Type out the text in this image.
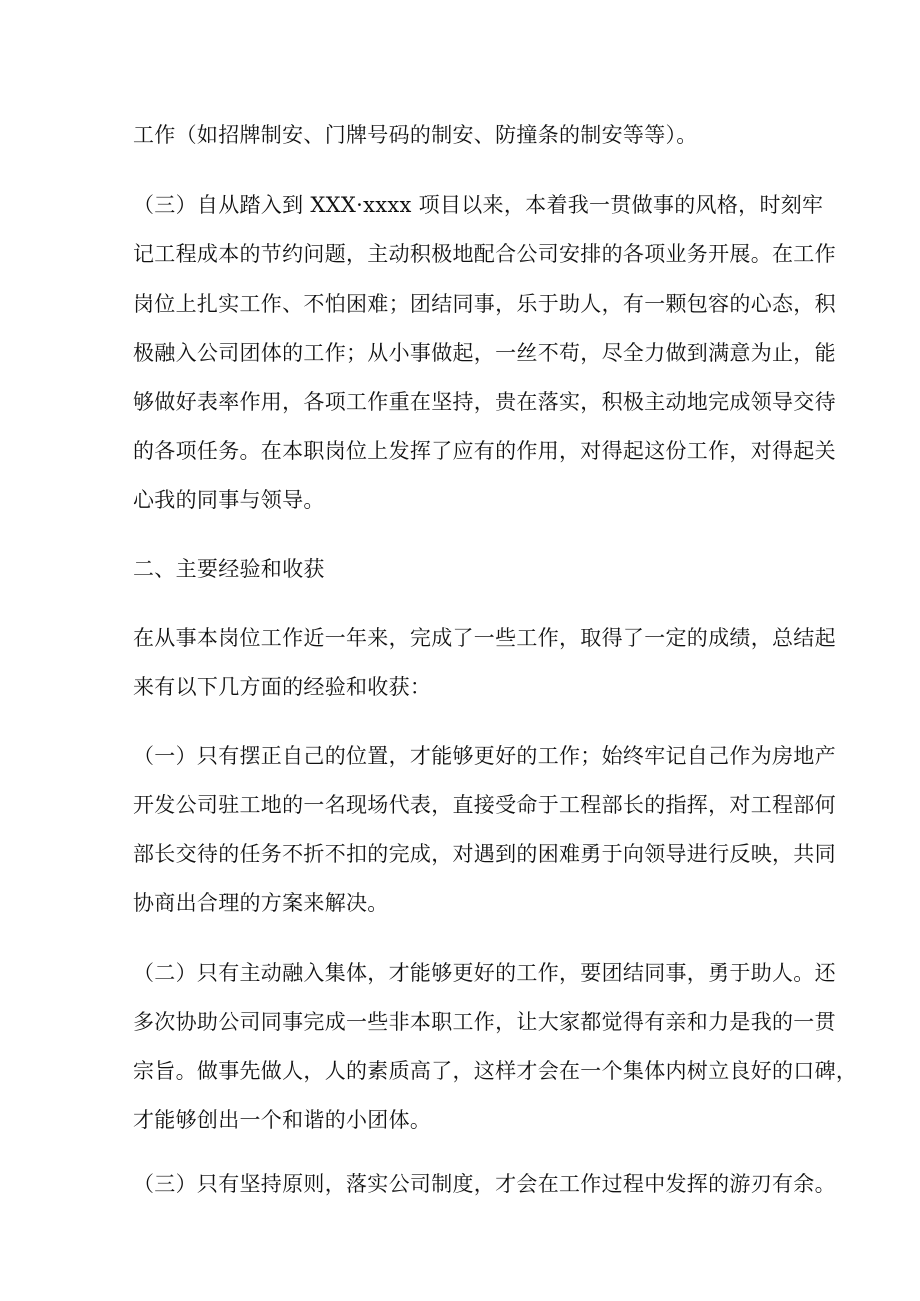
工作（如招牌制安、门牌号码的制安、防撞条的制安等等）。
（三）自从踏入到 XXX·xxxx 项目以来，本着我一贯做事的风格，时刻牢
记工程成本的节约问题，主动积极地配合公司安排的各项业务开展。在工作
岗位上扎实工作、不怕困难；团结同事，乐于助人，有一颗包容的心态，积
极融入公司团体的工作；从小事做起，一丝不苟，尽全力做到满意为止，能
够做好表率作用，各项工作重在坚持，贵在落实，积极主动地完成领导交待
的各项任务。在本职岗位上发挥了应有的作用，对得起这份工作，对得起关
心我的同事与领导。
二、主要经验和收获
在从事本岗位工作近一年来，完成了一些工作，取得了一定的成绩，总结起
来有以下几方面的经验和收获：
（一）只有摆正自己的位置，才能够更好的工作；始终牢记自己作为房地产
开发公司驻工地的一名现场代表，直接受命于工程部长的指挥，对工程部何
部长交待的任务不折不扣的完成，对遇到的困难勇于向领导进行反映，共同
协商出合理的方案来解决。
（二）只有主动融入集体，才能够更好的工作，要团结同事，勇于助人。还
多次协助公司同事完成一些非本职工作，让大家都觉得有亲和力是我的一贯
宗旨。做事先做人，人的素质高了，这样才会在一个集体内树立良好的口碑，
才能够创出一个和谐的小团体。
（三）只有坚持原则，落实公司制度，才会在工作过程中发挥的游刃有余。
